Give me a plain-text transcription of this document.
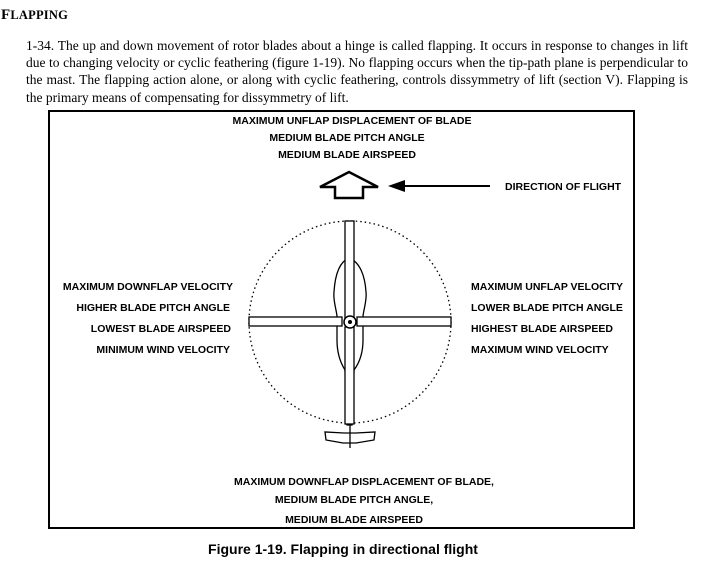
FLAPPING

1-34. The up and down movement of rotor blades about a hinge is called flapping. It occurs in response to changes in lift due to changing velocity or cyclic feathering (figure 1-19). No flapping occurs when the tip-path plane is perpendicular to the mast. The flapping action alone, or along with cyclic feathering, controls dissymmetry of lift (section V). Flapping is the primary means of compensating for dissymmetry of lift.

MAXIMUM UNFLAP DISPLACEMENT OF BLADE
MEDIUM BLADE PITCH ANGLE
MEDIUM BLADE AIRSPEED
DIRECTION OF FLIGHT
MAXIMUM DOWNFLAP VELOCITY
HIGHER BLADE PITCH ANGLE
LOWEST BLADE AIRSPEED
MINIMUM WIND VELOCITY
MAXIMUM UNFLAP VELOCITY
LOWER BLADE PITCH ANGLE
HIGHEST BLADE AIRSPEED
MAXIMUM WIND VELOCITY
MAXIMUM DOWNFLAP DISPLACEMENT OF BLADE,
MEDIUM BLADE PITCH ANGLE,
MEDIUM BLADE AIRSPEED
Figure 1-19. Flapping in directional flight
